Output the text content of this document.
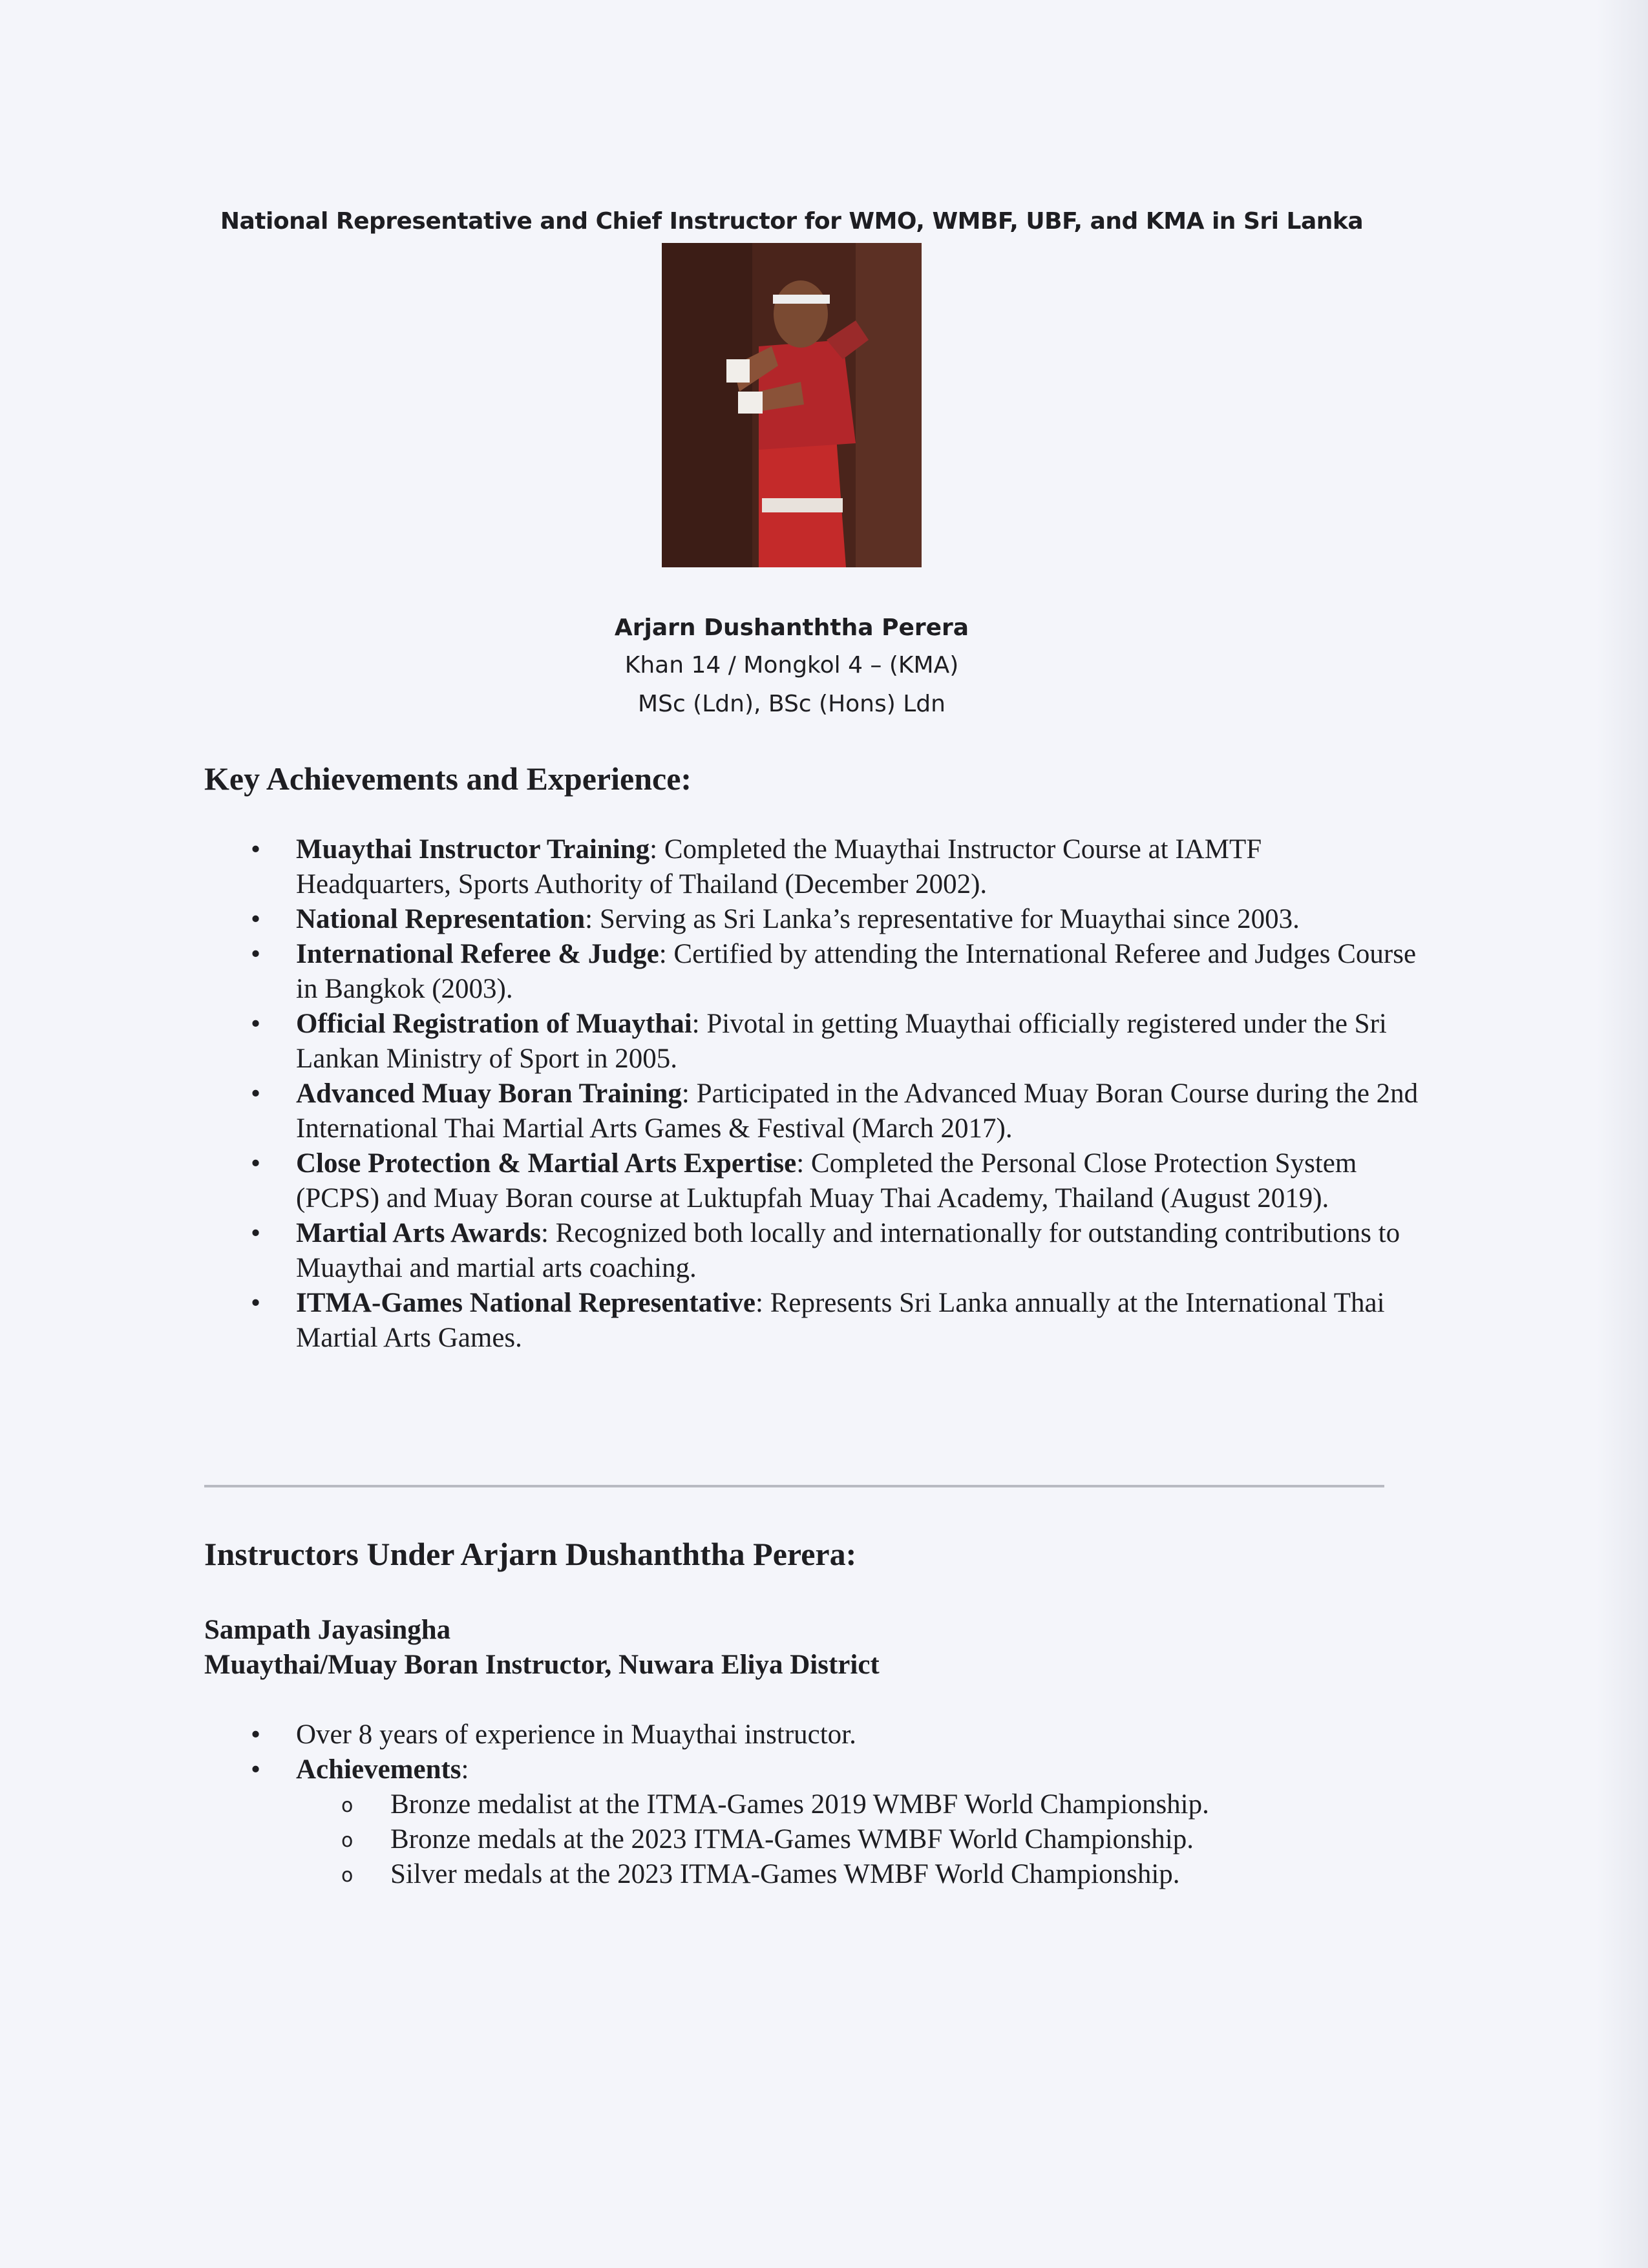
National Representative and Chief Instructor for WMO, WMBF, UBF, and KMA in Sri Lanka
Arjarn Dushanththa Perera
Khan 14 / Mongkol 4 – (KMA)
MSc (Ldn), BSc (Hons) Ldn
Key Achievements and Experience:
• Muaythai Instructor Training: Completed the Muaythai Instructor Course at IAMTF Headquarters, Sports Authority of Thailand (December 2002).
• National Representation: Serving as Sri Lanka’s representative for Muaythai since 2003.
• International Referee & Judge: Certified by attending the International Referee and Judges Course in Bangkok (2003).
• Official Registration of Muaythai: Pivotal in getting Muaythai officially registered under the Sri Lankan Ministry of Sport in 2005.
• Advanced Muay Boran Training: Participated in the Advanced Muay Boran Course during the 2nd International Thai Martial Arts Games & Festival (March 2017).
• Close Protection & Martial Arts Expertise: Completed the Personal Close Protection System (PCPS) and Muay Boran course at Luktupfah Muay Thai Academy, Thailand (August 2019).
• Martial Arts Awards: Recognized both locally and internationally for outstanding contributions to Muaythai and martial arts coaching.
• ITMA-Games National Representative: Represents Sri Lanka annually at the International Thai Martial Arts Games.
Instructors Under Arjarn Dushanththa Perera:
Sampath Jayasingha
Muaythai/Muay Boran Instructor, Nuwara Eliya District
• Over 8 years of experience in Muaythai instructor.
• Achievements:
o Bronze medalist at the ITMA-Games 2019 WMBF World Championship.
o Bronze medals at the 2023 ITMA-Games WMBF World Championship.
o Silver medals at the 2023 ITMA-Games WMBF World Championship.
